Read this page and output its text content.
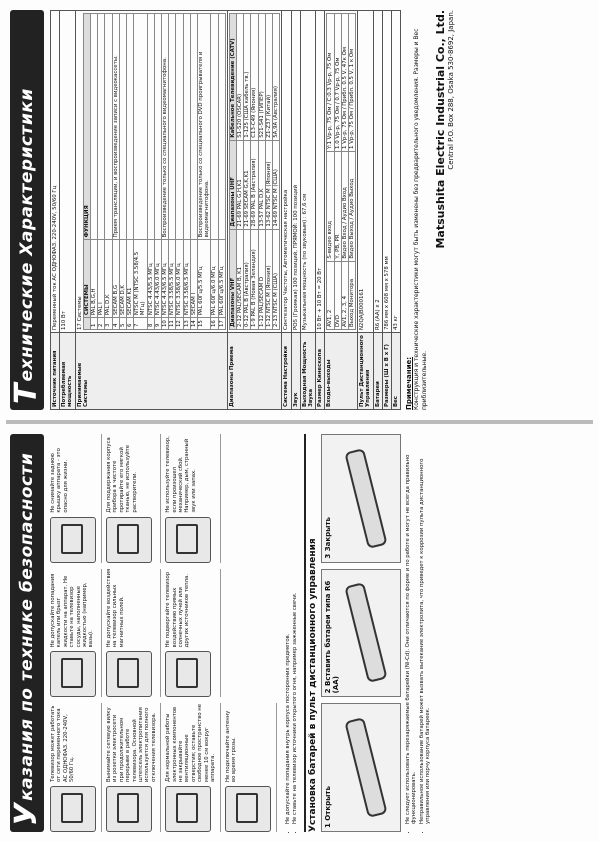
У
казания по технике безопасности Телевизор может работать от сети переменного тока АС ОДНОФАЗ. 220-240V, 50/60 Гц.
Не допускайте попадания капель или брызг жидкости на аппарат. Не ставьте на телевизор сосуды, наполненные жидкостью (например, вазы).
Не снимайте заднюю крышку аппарата - это опасно для жизни.
Вынимайте сетевую вилку из розетки электросети при продолжительном перерыве в работе телевизора. Основной штепсель электропитания используется для полного отключения телевизора.
Не допускайте воздействия на телевизор сильных магнитных полей.
Для поддержания корпуса прибора в чистоте протирайте его мягкой тканью, не используйте растворители.
Для нормальной работы электронных компонентов не закрывайте вентиляционные отверстия; оставьте свободное пространство не менее 10 см вокруг аппарата.
Не подвергайте телевизор воздействию прямых солнечных лучей или других источников тепла.
Не используйте телевизор, если произошел механический сбой. Например, дым, странный звук или запах.
Не подключайте антенну во время грозы.	• Не допускайте попадания внутрь корпуса посторонних предметов. • Не ставьте на телевизор источники открытого огня, например зажженные свечи.	Установка батарей в пульт дистанционного управления 1 Открыть
2 Вставить батареи типа R6 (AA)
3 Закрыть	• Не следует использовать перезаряжаемые батарейки (Ni-Cd). Они отличаются по форме и по работе и могут не всегда правильно функционировать. • Неправильное использование батарей может вызвать вытекание электролита, что приведет к коррозии пульта дистанционного управления или порчу корпуса батареек.
Т
ехнические Характеристики	Источник питания	Переменный ток АС ОДНОФАЗ. 220-240V, 50/60 Гц
Потребляемая мощность	110 Вт
Принимаемые Системы	
17 Системы
	СИСТЕМЫ	ФУНКЦИЯ
1	PAL B,G,H	
2	PAL I	
3	PAL D,K	
4	SECAM B,G	Прием трансляции, и воспроизведение записи с видеокассеты.
5	SECAM D,K	
6	SECAM K1	
7	NTSC M (NTSC 3.58/4.5 МГц)	
8	NTSC 4.43/5.5 МГц	
9	NTSC 4.43/6.0 МГц	
10	NTSC 4.43/6.5 МГц	Воспроизведение только со специального видеомагнитофона.
11	NTSC 3.58/5.5 МГц	
12	NTSC 3.58/6.0 МГц	
13	NTSC 3.58/6.5 МГц	
14	SECAM I	
15	PAL 60Гц/5.5 МГц	Воспроизведение только со специального DVD проигрывателя и видеомагнитофона.
16	PAL 60Гц/6.0 МГц	
17	PAL 60Гц/6.5 МГц	

Диапазоны Приема	
Диапазоны VHF	Диапазоны UHF	Кабельное Телевидение (CATV)
2-12 PAL/SECAM B, K1	21-69 PAL G,H,K1	S1-S20 (OSCAR)
0-12 PAL B (Австралия)	21-69 SECAM G,K,K1	1-125 (США кабель тв.)
1-9 PAL B (Новая Зеландия)	28-69 PAL B (Австралия)	C13-C49 (Япония)
1-12 PAL/SECAM D	13-57 PAL D,K	S21-S41 (ГИПЕР)
1-12 NTSC M (Япония)	13-62 NTSC M (Япония)	Z1-Z37 (Китай)
2-13 NTSC M (США)	14-69 NTSC M (США)	5A,9A (Австралия)

Система Настройки	Синтезатор Частоты, Автоматическая настройка
Звук	POS (Громкая) 100 позиций, ПРЯМОЙ: 100 позиций
Выходная Мощность Звука	Музыкальная мощность (по звуковым) : 67,6 см
Размер Кинескопа	10 Вт + 10 Вт = 20 Вт
Входы-выходы	
AV1, 2	S-видео вход	Y:1 Vp-p, 75 Ом / C:0.3 Vp-p, 75 Ом
DVD	Y, PB, PR	1.0 Vp-p, 75 Ом / 0.7 Vp-p, 75 Ом
AV1, 2, 3, 4	Видео Вход / Аудио Вход	1 Vp-p, 75 Ом / Прибл. 0.5 V, 47к Ом
Выход Монитора	Видео Выход / Аудио Выход	1 Vp-p, 75 Ом / Прибл. 0.5 V, 1 к Ом

Пульт Дистанционного Управления	N2QAJB000161
Батареи	R6 (AA) x 2
Размеры (Ш x В x Г)	786 мм x 608 мм x 578 мм
Вес	43 кг
Примечание: Конструкция и технические характеристики могут быть изменены без предварительного уведомления. Размеры и Вес приблизительные.
Matsushita Electric Industrial Co., Ltd. Central P.O. Box 288, Osaka 530-8692, Japan.
